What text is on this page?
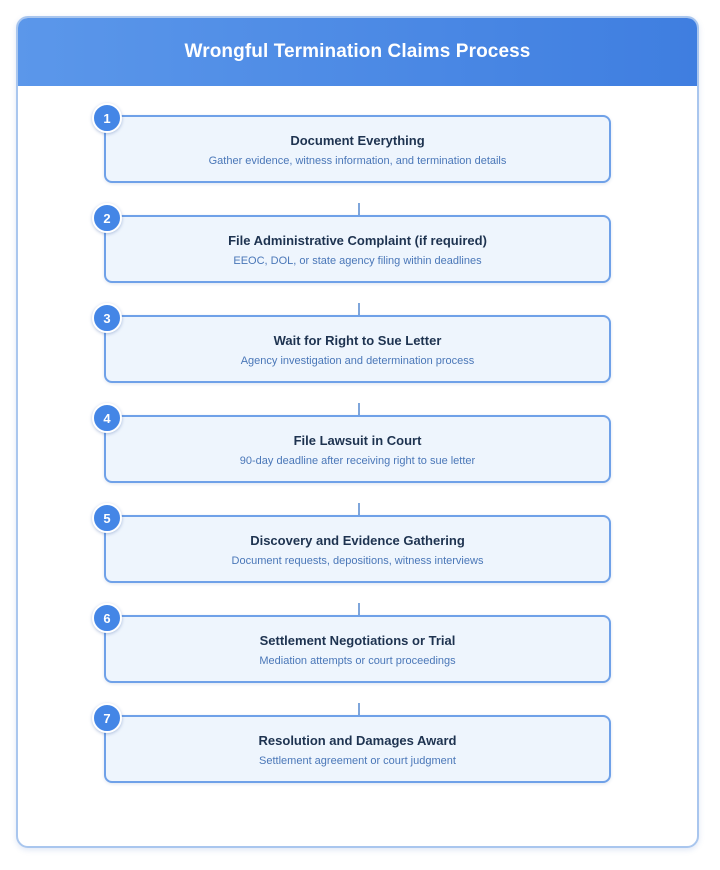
Wrongful Termination Claims Process
1
Document Everything
Gather evidence, witness information, and termination details
2
File Administrative Complaint (if required)
EEOC, DOL, or state agency filing within deadlines
3
Wait for Right to Sue Letter
Agency investigation and determination process
4
File Lawsuit in Court
90-day deadline after receiving right to sue letter
5
Discovery and Evidence Gathering
Document requests, depositions, witness interviews
6
Settlement Negotiations or Trial
Mediation attempts or court proceedings
7
Resolution and Damages Award
Settlement agreement or court judgment
